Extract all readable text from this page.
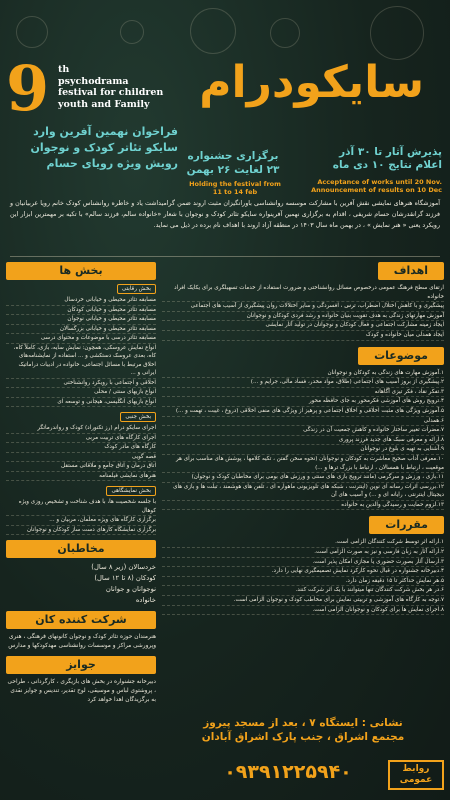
9 th
psychodrama
festival for children
youth and Family	سایکودرام
فراخوان نهمین آفرین وارد
سایکو تئاتر کودک و نوجوان
رویش ویژه رویای حسام
برگزاری جشنواره
۲۳ لغایت ۲۶ بهمن
Holding the festival from 11 to 14 feb
پذیرش آثار تا ۳۰ آذر
اعلام نتایج ۱۰ دی ماه
Acceptance of works until 20 Nov.
Announcement of results on 10 Dec
آموزشگاه هنرهای نمایشی نقش آفرین با مشارکت موسسه روانشناسی باورانگیزان مثبت اروند ضمن گرامیداشت یاد و خاطره روانشناس کودک خانم رویا عربیانیان و فرزند گرانقدرشان حسام شریفی ، اقدام به برگزاری نهمین آفرینواره سایکو تئاتر کودک و نوجوان با شعار «خانواده سالم، فرزند سالم» با تکیه بر مهمترین ابزار این رویکرد یعنی « هنر نمایش » ، در بهمن ماه سال ۱۴۰۳ در منطقه آزاد اروند با اهداف نام برده در ذیل می نماید.
بخش ها
بخش رقابتی
مسابقه تئاتر محیطی و خیابانی خردسال
مسابقه تئاتر محیطی و خیابانی کودکان
مسابقه تئاتر محیطی و خیابانی نوجوان
مسابقه تئاتر محیطی و خیابانی بزرگسالان
مسابقه تئاتر درسی با موضوعات و محتوای درسی
انواع نمایش عروسکی، همچون: نمایش سایه، بازی، کاملاً کاه، کاه، بعدی عروسک دستکشی و ... استفاده از نمایشنامه‌های اخلاق مرتبط با مسائل اجتماعی، خانواده در ادبیات دراماتیک ایرانی و ...
اخلاقی و اجتماعی با رویکرد روانشناختی
انواع بازیهای سنتی / محلی
انواع بازیهای انگلیسی، هیجانی و توسعه ای
بخش جنبی
اجرای سایکو درام (رز تکنوراد) کودک و رواندرماتگر
اجرای کارگاه های تربیت مربی
کارگاه های مادر کودک
قصه گویی
اتاق درمان و اتاق جامع و ملاقاتی مستقل
هنرهای نمایشی فیلمنامه
بخش نمایشگاهی
با جلسه شخصیت ها، با هدف شناخت و تشخیص روزی ویژه کوهال
برگزاری کارگاه های ویژه معلمان، مربیان و ...
برگزاری نمایشگاه کارهای دست ساز کودکان و نوجوانان
مخاطبان
خردسالان (زیر ۸ سال)
کودکان (۸ تا ۱۲ سال)
نوجوانان و جوانان
خانواده
شرکت کننده کان
هنرمندان حوزه تئاتر کودک و نوجوان کانونهای فرهنگی ، هنری وپرورشی مراکز و موسسات روانشناسی مهدکودکها و مدارس
جوایز
دبیرخانه جشنواره در بخش های بازیگری ، کارگردانی ، طراحی ، پروشتوی لباس و موسیقی، لوح تقدیر، تندیس و جوایز نقدی به برگزیدگان اهدا خواهد کرد
اهداف
ارتقای سطح فرهنگ عمومی درخصوص مسائل روانشناختی و ضرورت استفاده از خدمات تسهیلگری برای یکایک افراد خانواده
پیشگیری و با کاهش اختلال اضطراب، ترس ، افسردگی و سایر اختلالات روان پیشگیری از آسیب های اجتماعی
آموزش مهارتهای زندگی به هدف تقویت بنیان خانواده و رشد فردی کودکان و نوجوانان
ایجاد زمینه مشارکت اجتماعی و فعال کودکان و نوجوانان در تولید آثار نمایشی
ایجاد همدلی میان خانواده و کودک
موضوعات
۱.آموزش مهارت های زندگی به کودکان و نوجوانان
۲.پیشگیری از بروز آسیب های اجتماعی (طلاق، مواد مخدر، فساد مالی، جرایم و ...)
۳.تفکر نقاد ، فکر تیزی آگاهانه
۴.ترویج روش های آموزشی فکرمحور به جای حافظه محور
۵.آموزش ویژگی های مثبت اخلاقی و اخلاق اجتماعی و پرهیز از ویژگی های منفی اخلاقی (دروغ ، غیبت ، تهمت و ...)
۶.همدلی
۷.مضرات تغییر ساختار خانواده و کاهش جمعیت آن در زندگی
۸.ارائه و معرفی سبک های جدید فرزند پروری
۹.آشنایی به تهیه ی بلوغ در نوجوانان
۱۰.معرفی آداب صحیح معاشرت به کودکان و نوجوانان (نحوه سخن گفتن ، تکیه کلامها ، پوشش های مناسب برای هر موقعیت ، ارتباط با همسالان ، ارتباط با بزرگ ترها و ...)
۱۱.بازی ، ورزش و سرگرمی (مانند ترویج بازی های سنتی و ورزش های بومی برای مخاطبان کودک و نوجوان)
۱۲.بررسی اثرات رسانه ای نوین (اینترنت ، شبکه های تلویزیونی ماهواره ای ، تلفن های هوشمند ، تبلت ها و بازی های دیجیتال اینترنتی ، رایانه ای و ...) و آسیب های آن
۱۳.لزوم حمایت و رسیدگی والدین به خانواده
مقررات
۱.ارائه اثر توسط شرکت کنندگان الزامی است.
۲.ارائه آثار به زبان فارسی و نیز به صورت الزامی است.
۳.ارسال آثار بصورت حضوری یا مجازی امکان پذیر است.
۴.دبیرخانه جشنواره در قبال نحوه کارکرد نمایش تصمیمگیری نهایی را دارد.
۵.هر نمایش حداکثر تا ۱۵ دقیقه زمان دارد.
۶.در هر بخش شرکت کنندگان تنها میتوانند با یک اثر شرکت کنند.
۷.توجه به کارگاه های آموزشی و تربیتی نمایش برای مخاطب کودک و نوجوان الزامی است.
۸.اجرای نمایش ها برای کودکان و نوجوانان الزامی است.
نشانی : ایستگاه ۷ ، بعد از مسجد پیروز
مجتمع اشراق ، جنب پارک اشراق آبادان
۰۹۳۹۱۲۲۵۹۴۰	روابط
عمومی
